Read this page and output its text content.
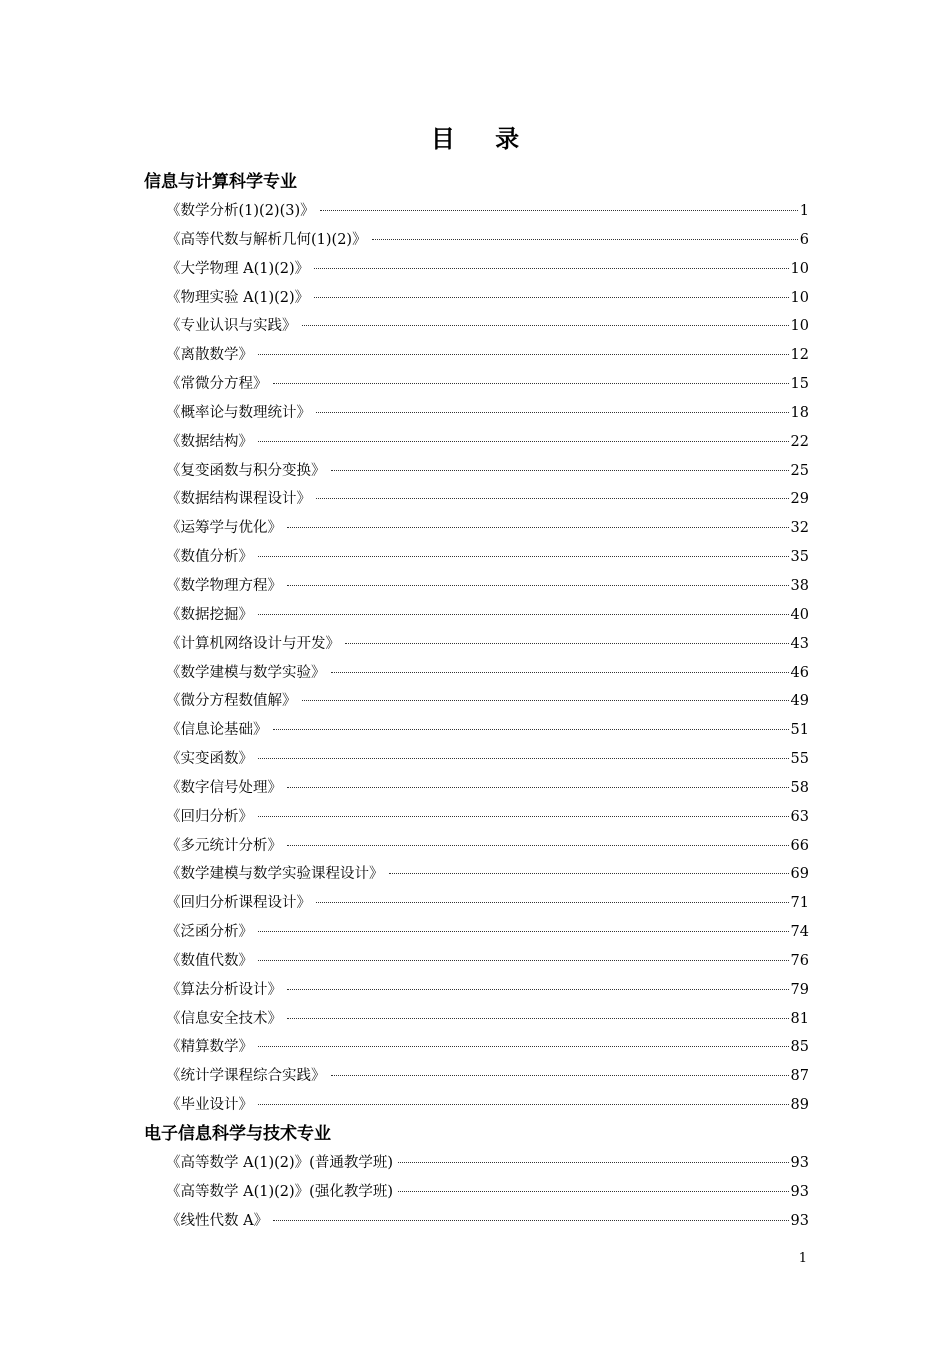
目 录
信息与计算科学专业
《数学分析(1)(2)(3)》	1
《高等代数与解析几何(1)(2)》	6
《大学物理 A(1)(2)》	10
《物理实验 A(1)(2)》	10
《专业认识与实践》	10
《离散数学》	12
《常微分方程》	15
《概率论与数理统计》	18
《数据结构》	22
《复变函数与积分变换》	25
《数据结构课程设计》	29
《运筹学与优化》	32
《数值分析》	35
《数学物理方程》	38
《数据挖掘》	40
《计算机网络设计与开发》	43
《数学建模与数学实验》	46
《微分方程数值解》	49
《信息论基础》	51
《实变函数》	55
《数字信号处理》	58
《回归分析》	63
《多元统计分析》	66
《数学建模与数学实验课程设计》	69
《回归分析课程设计》	71
《泛函分析》	74
《数值代数》	76
《算法分析设计》	79
《信息安全技术》	81
《精算数学》	85
《统计学课程综合实践》	87
《毕业设计》	89
电子信息科学与技术专业
《高等数学 A(1)(2)》(普通教学班)	93
《高等数学 A(1)(2)》(强化教学班)	93
《线性代数 A》	93
1
